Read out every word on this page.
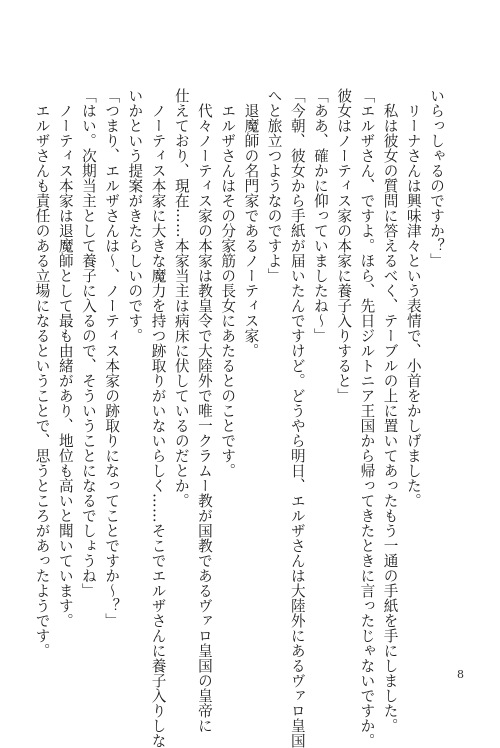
いらっしゃるのですか？」
　リーナさんは興味津々という表情で、小首をかしげました。
　私は彼女の質問に答えるべく、テーブルの上に置いてあったもう一通の手紙を手にしました。
「エルザさん、ですよ。ほら、先日ジルトニア王国から帰ってきたときに言ったじゃないですか。
彼女はノーティス家の本家に養子入りすると」
「ああ、確かに仰っていましたね～」
「今朝、彼女から手紙が届いたんですけど。どうやら明日、エルザさんは大陸外にあるヴァロ皇国
へと旅立つようなのですよ」
　退魔師の名門家であるノーティス家。
　エルザさんはその分家筋の長女にあたるとのことです。
　代々ノーティス家の本家は教皇令で大陸外で唯一クラムー教が国教であるヴァロ皇国の皇帝に
仕えており、現在……本家当主は病床に伏しているのだとか。
　ノーティス本家に大きな魔力を持つ跡取りがいないらしく……そこでエルザさんに養子入りしな
いかという提案がきたらしいのです。
「つまり、エルザさんは～、ノーティス本家の跡取りになってことですか～？」
「はい。次期当主として養子に入るので、そういうことになるでしょうね」
　ノーティス本家は退魔師として最も由緒があり、地位も高いと聞いています。
　エルザさんも責任のある立場になるということで、思うところがあったようです。
8
